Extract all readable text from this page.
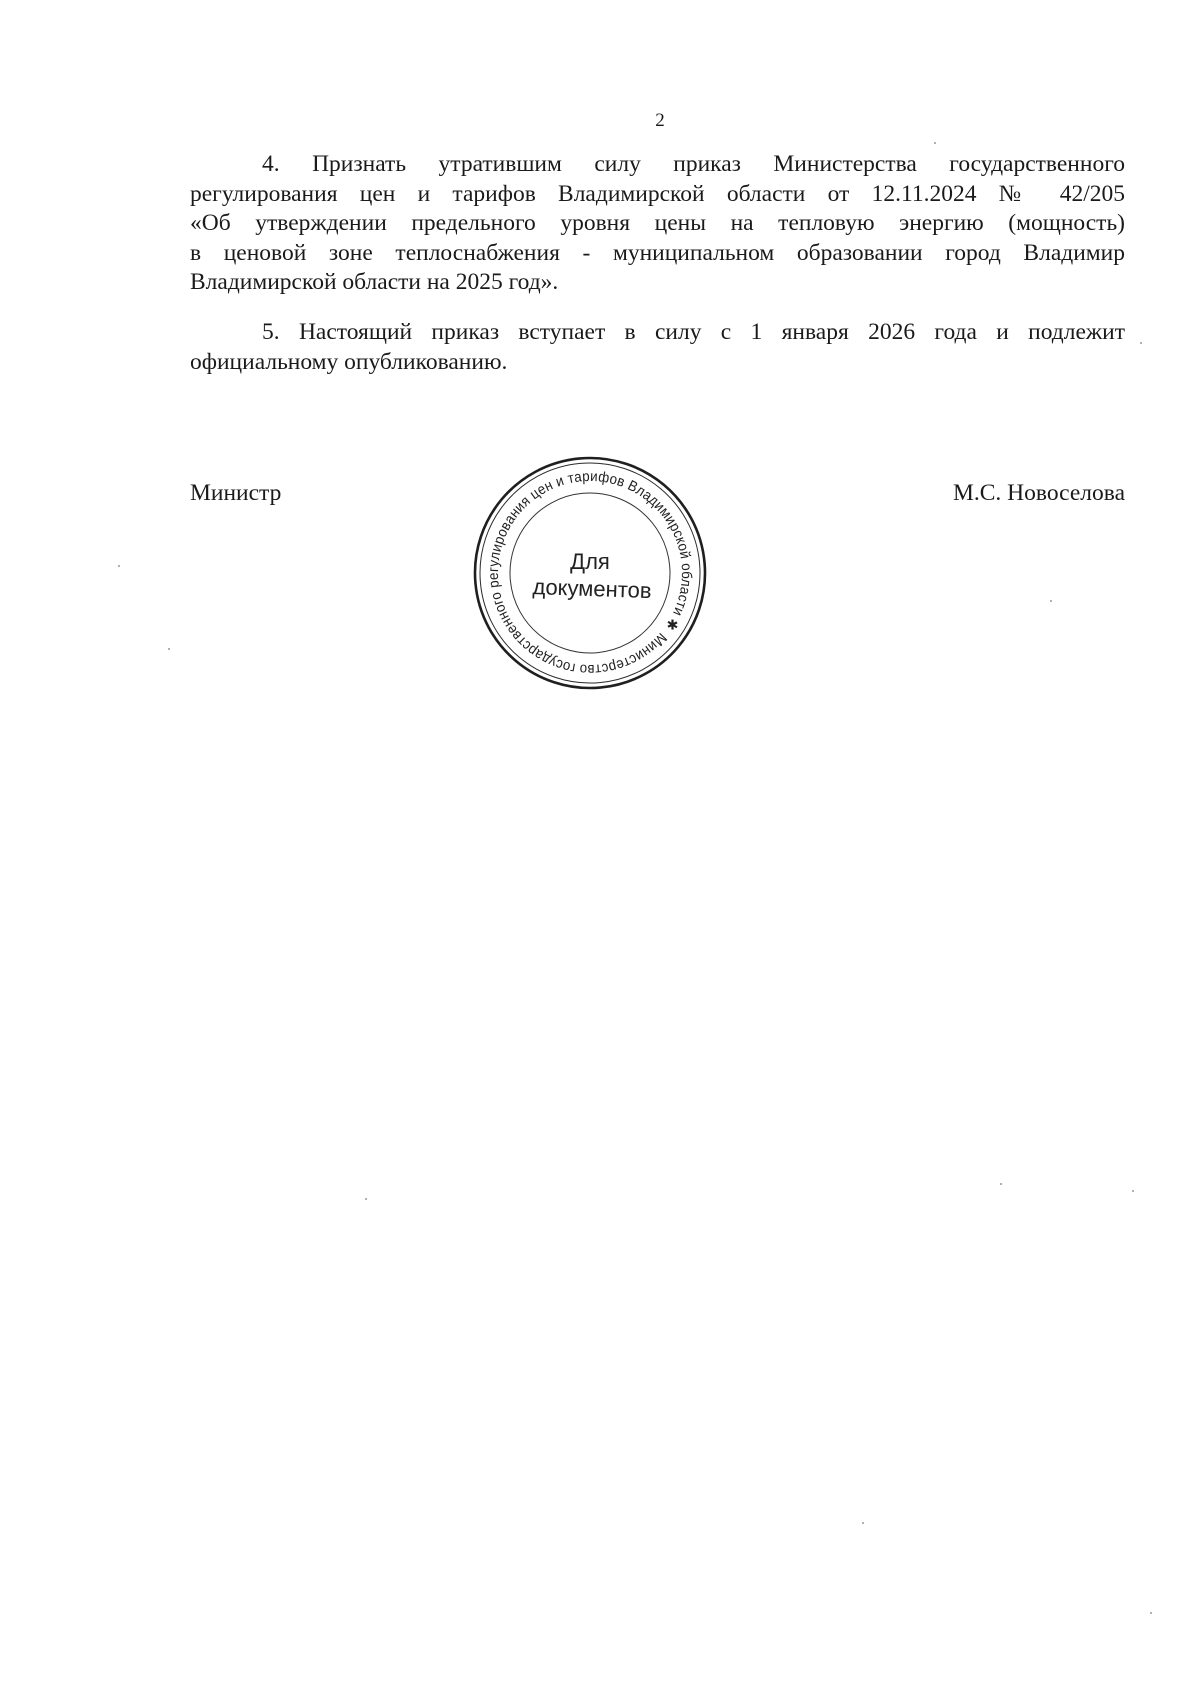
2
4. Признать утратившим силу приказ Министерства государственного
регулирования цен и тарифов Владимирской области от 12.11.2024 № 42/205
«Об утверждении предельного уровня цены на тепловую энергию (мощность)
в ценовой зоне теплоснабжения - муниципальном образовании город Владимир
Владимирской области на 2025 год».
5. Настоящий приказ вступает в силу с 1 января 2026 года и подлежит
официальному опубликованию.
Министр	М.С. Новоселова
Министерство государственного регулирования цен и тарифов Владимирской области ✱
Для
документов
